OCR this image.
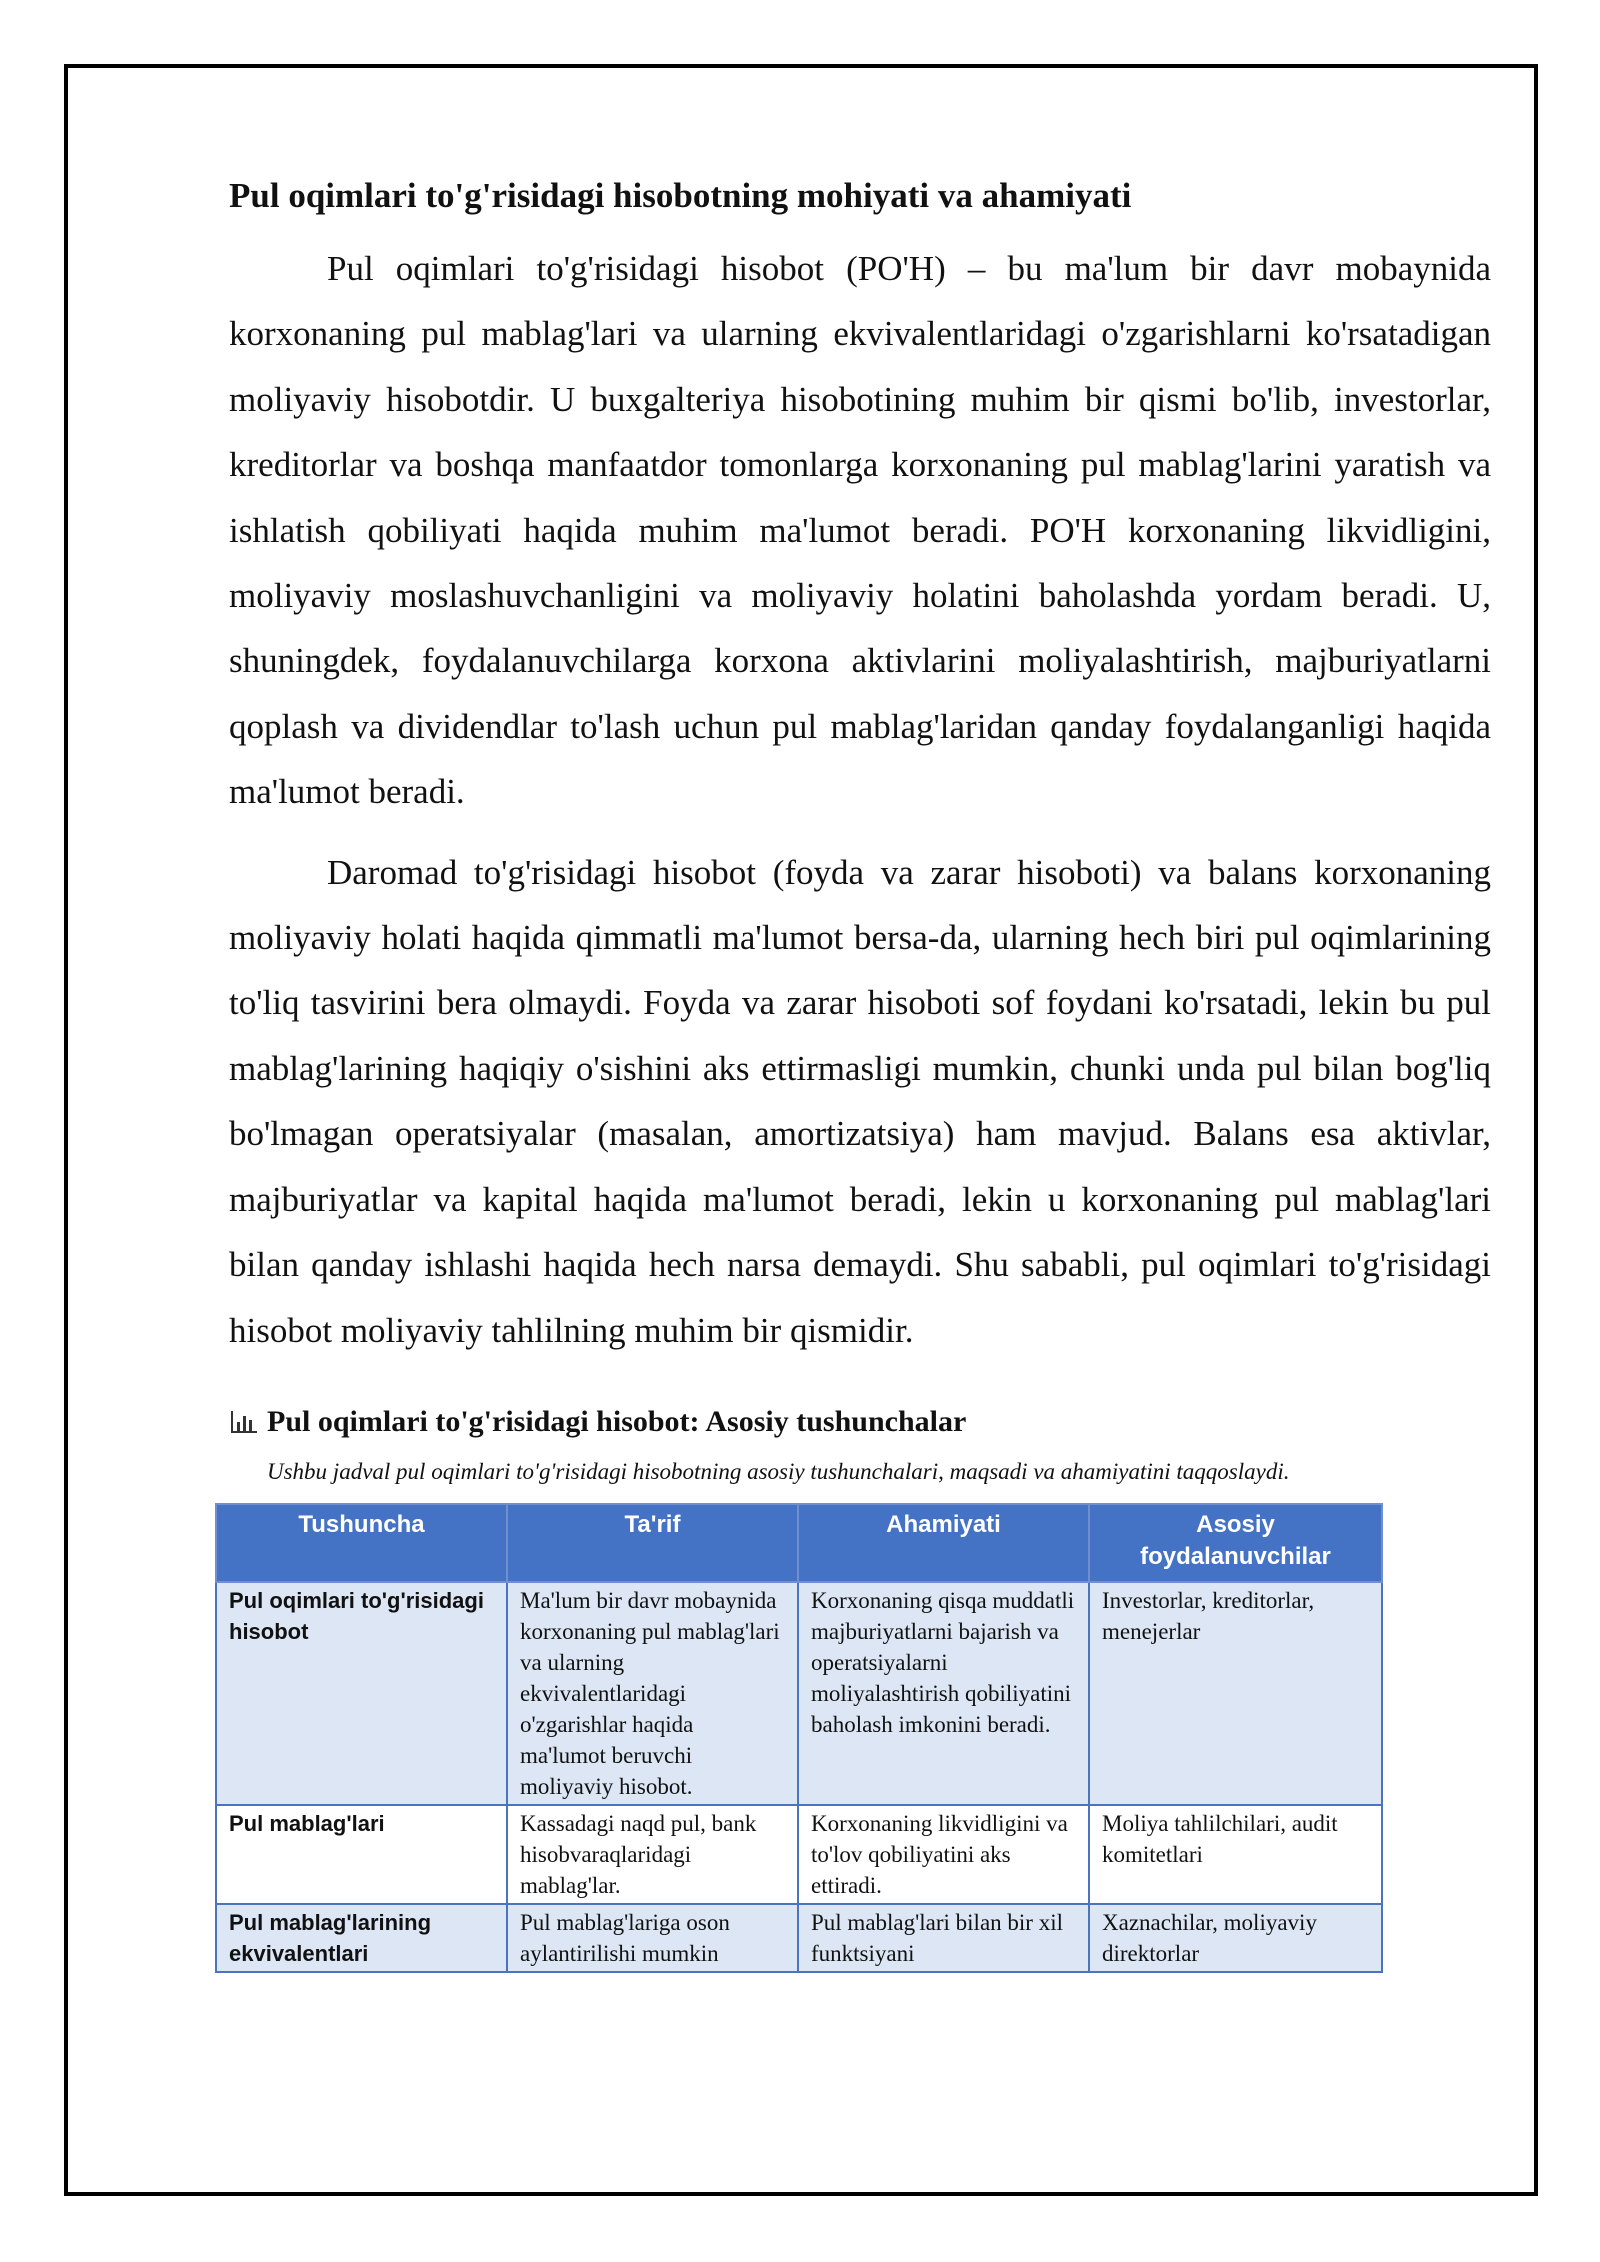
Pul oqimlari to'g'risidagi hisobotning mohiyati va ahamiyati

Pul oqimlari to'g'risidagi hisobot (PO'H) – bu ma'lum bir davr mobaynida korxonaning pul mablag'lari va ularning ekvivalentlaridagi o'zgarishlarni ko'rsatadigan moliyaviy hisobotdir. U buxgalteriya hisobotining muhim bir qismi bo'lib, investorlar, kreditorlar va boshqa manfaatdor tomonlarga korxonaning pul mablag'larini yaratish va ishlatish qobiliyati haqida muhim ma'lumot beradi. PO'H korxonaning likvidligini, moliyaviy moslashuvchanligini va moliyaviy holatini baholashda yordam beradi. U, shuningdek, foydalanuvchilarga korxona aktivlarini moliyalashtirish, majburiyatlarni qoplash va dividendlar to'lash uchun pul mablag'laridan qanday foydalanganligi haqida ma'lumot beradi.

Daromad to'g'risidagi hisobot (foyda va zarar hisoboti) va balans korxonaning moliyaviy holati haqida qimmatli ma'lumot bersa-da, ularning hech biri pul oqimlarining to'liq tasvirini bera olmaydi. Foyda va zarar hisoboti sof foydani ko'rsatadi, lekin bu pul mablag'larining haqiqiy o'sishini aks ettirmasligi mumkin, chunki unda pul bilan bog'liq bo'lmagan operatsiyalar (masalan, amortizatsiya) ham mavjud. Balans esa aktivlar, majburiyatlar va kapital haqida ma'lumot beradi, lekin u korxonaning pul mablag'lari bilan qanday ishlashi haqida hech narsa demaydi. Shu sababli, pul oqimlari to'g'risidagi hisobot moliyaviy tahlilning muhim bir qismidir.

Pul oqimlari to'g'risidagi hisobot: Asosiy tushunchalar
Ushbu jadval pul oqimlari to'g'risidagi hisobotning asosiy tushunchalari, maqsadi va ahamiyatini taqqoslaydi.
Tushuncha	Ta'rif	Ahamiyati	Asosiy foydalanuvchilar
Pul oqimlari to'g'risidagi hisobot	Ma'lum bir davr mobaynida korxonaning pul mablag'lari va ularning ekvivalentlaridagi o'zgarishlar haqida ma'lumot beruvchi moliyaviy hisobot.	Korxonaning qisqa muddatli majburiyatlarni bajarish va operatsiyalarni moliyalashtirish qobiliyatini baholash imkonini beradi.	Investorlar, kreditorlar, menejerlar
Pul mablag'lari	Kassadagi naqd pul, bank hisobvaraqlaridagi mablag'lar.	Korxonaning likvidligini va to'lov qobiliyatini aks ettiradi.	Moliya tahlilchilari, audit komitetlari
Pul mablag'larining ekvivalentlari	Pul mablag'lariga oson aylantirilishi mumkin	Pul mablag'lari bilan bir xil funktsiyani	Xaznachilar, moliyaviy direktorlar
